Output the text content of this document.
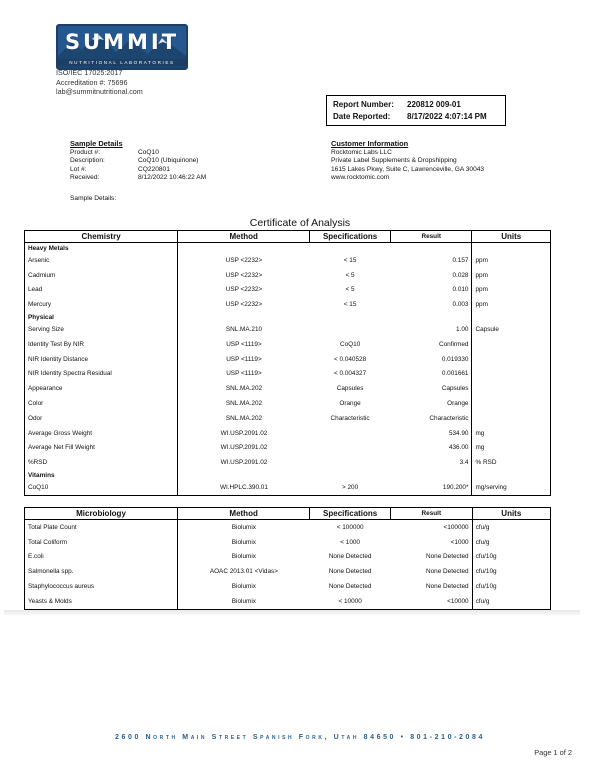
SUMMIT
NUTRITIONAL LABORATORIES
ISO/IEC 17025:2017
Accreditation #: 75696
lab@summitnutritional.com
Report Number: 220812 009-01
Date Reported: 8/17/2022 4:07:14 PM
Sample Details
Product #:	CoQ10
Description:	CoQ10 (Ubiquinone)
Lot #:	CQ220801
Received:	8/12/2022 10:46:22 AM
Sample Details:
Customer Information
Rocktomic Labs LLC
Private Label Supplements & Dropshipping
1615 Lakes Pkwy, Suite C, Lawrenceville, GA 30043
www.rocktomic.com
Certificate of Analysis
Chemistry	Method	Specifications	Result	Units
Heavy Metals				
Arsenic	USP <2232>	< 15	0.157	ppm
Cadmium	USP <2232>	< 5	0.028	ppm
Lead	USP <2232>	< 5	0.010	ppm
Mercury	USP <2232>	< 15	0.003	ppm
Physical				
Serving Size	SNL.MA.210		1.00	Capsule
Identity Test By NIR	USP <1119>	CoQ10	Confirmed	
NIR Identity Distance	USP <1119>	< 0.040528	0.019330	
NIR Identity Spectra Residual	USP <1119>	< 0.004327	0.001661	
Appearance	SNL.MA.202	Capsules	Capsules	
Color	SNL.MA.202	Orange	Orange	
Odor	SNL.MA.202	Characteristic	Characteristic	
Average Gross Weight	WI.USP.2091.02		534.90	mg
Average Net Fill Weight	WI.USP.2091.02		436.00	mg
%RSD	WI.USP.2091.02		3.4	% RSD
Vitamins				
CoQ10	WI.HPLC.390.01	> 200	190.200*	mg/serving
Microbiology	Method	Specifications	Result	Units
Total Plate Count	Biolumix	< 100000	<100000	cfu/g
Total Coliform	Biolumix	< 1000	<1000	cfu/g
E.coli	Biolumix	None Detected	None Detected	cfu/10g
Salmonella spp.	AOAC 2013.01 <Vidas>	None Detected	None Detected	cfu/10g
Staphylococcus aureus	Biolumix	None Detected	None Detected	cfu/10g
Yeasts & Molds	Biolumix	< 10000	<10000	cfu/g
2600 North Main Street Spanish Fork, Utah 84650 • 801-210-2084
Page 1 of 2
